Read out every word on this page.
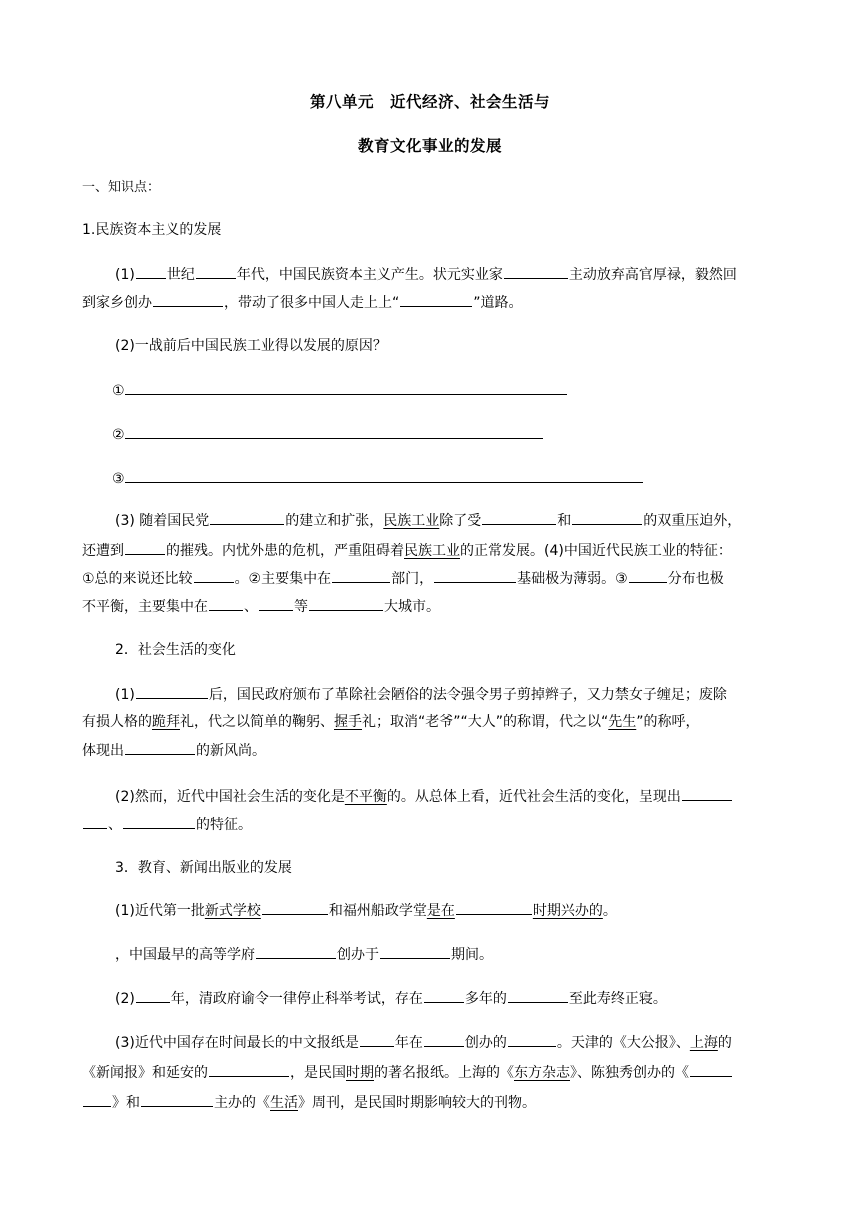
第八单元　近代经济、社会生活与
教育文化事业的发展
一、知识点：
1.民族资本主义的发展
(1) 世纪	年代，中国民族资本主义产生。状元实业家	主动放弃高官厚禄，毅然回
到家乡创办	，带动了很多中国人走上上“	”道路。
(2)一战前后中国民族工业得以发展的原因？
①
②
③
(3) 随着国民党	的建立和扩张，民族工业除了受	和	的双重压迫外，
还遭到	的摧残。内忧外患的危机，严重阻碍着民族工业的正常发展。(4)中国近代民族工业的特征：
①总的来说还比较	。②主要集中在	部门，	基础极为薄弱。③	分布也极
不平衡，主要集中在	、	等	大城市。
2．社会生活的变化
(1)	后，国民政府颁布了革除社会陋俗的法令强令男子剪掉辫子，又力禁女子缠足；废除
有损人格的跪拜礼，代之以简单的鞠躬、握手礼；取消“老爷”“大人”的称谓，代之以“先生”的称呼，
体现出	的新风尚。
(2)然而，近代中国社会生活的变化是不平衡的。从总体上看，近代社会生活的变化，呈现出
、	的特征。
3．教育、新闻出版业的发展
(1)近代第一批新式学校	和福州船政学堂是在	时期兴办的。
，中国最早的高等学府	创办于	期间。
(2)	年，清政府谕令一律停止科举考试，存在	多年的	至此寿终正寝。
(3)近代中国存在时间最长的中文报纸是	年在	创办的	。天津的《大公报》、上海的
《新闻报》和延安的	，是民国时期的著名报纸。上海的《东方杂志》、陈独秀创办的《
》和	主办的《生活》周刊，是民国时期影响较大的刊物。
